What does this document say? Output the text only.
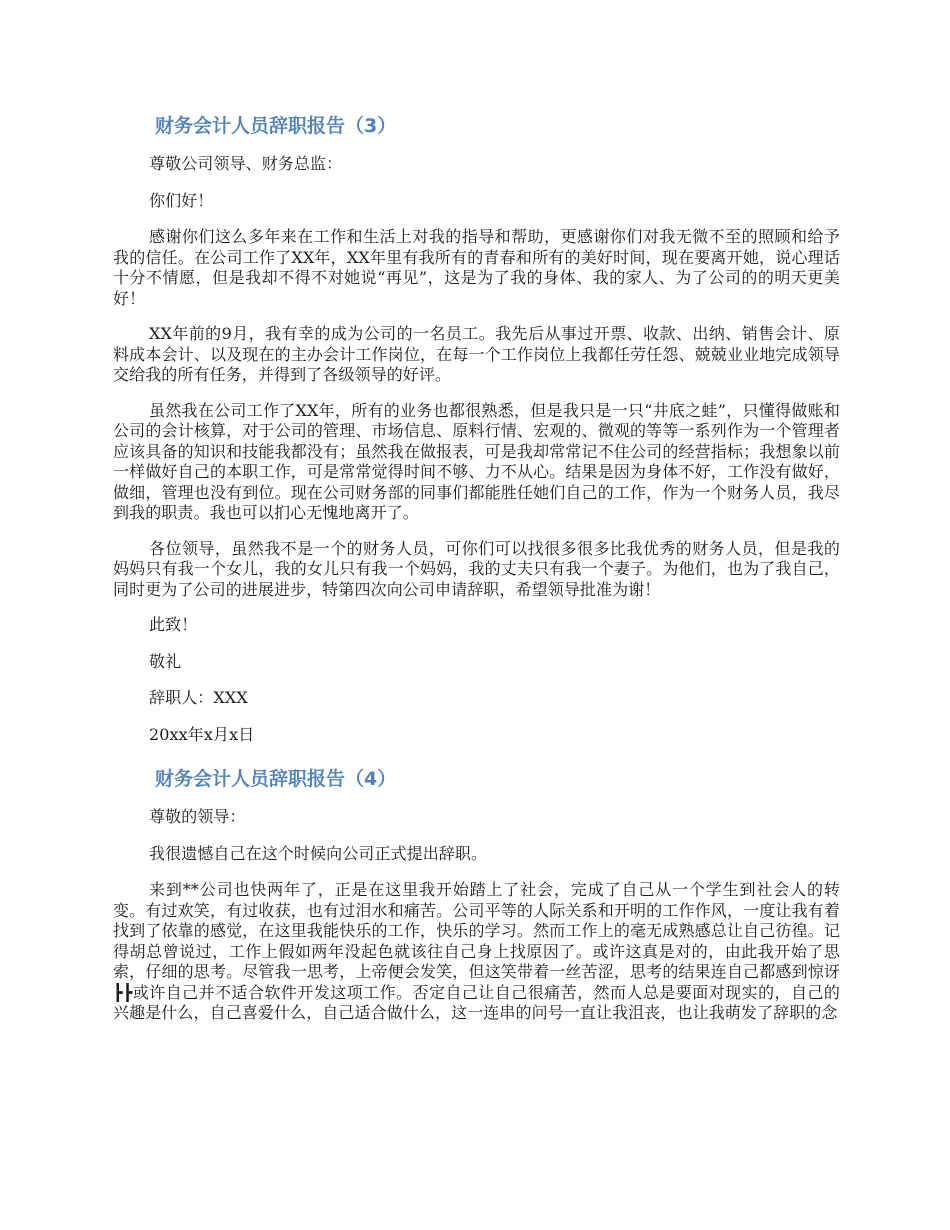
财务会计人员辞职报告（3）
尊敬公司领导、财务总监：
你们好！
感谢你们这么多年来在工作和生活上对我的指导和帮助，更感谢你们对我无微不至的照顾和给予我的信任。在公司工作了XX年，XX年里有我所有的青春和所有的美好时间，现在要离开她，说心理话十分不情愿，但是我却不得不对她说“再见”，这是为了我的身体、我的家人、为了公司的的明天更美好！
XX年前的9月，我有幸的成为公司的一名员工。我先后从事过开票、收款、出纳、销售会计、原料成本会计、以及现在的主办会计工作岗位，在每一个工作岗位上我都任劳任怨、兢兢业业地完成领导交给我的所有任务，并得到了各级领导的好评。
虽然我在公司工作了XX年，所有的业务也都很熟悉，但是我只是一只“井底之蛙”，只懂得做账和公司的会计核算，对于公司的管理、市场信息、原料行情、宏观的、微观的等等一系列作为一个管理者应该具备的知识和技能我都没有；虽然我在做报表，可是我却常常记不住公司的经营指标；我想象以前一样做好自己的本职工作，可是常常觉得时间不够、力不从心。结果是因为身体不好，工作没有做好，做细，管理也没有到位。现在公司财务部的同事们都能胜任她们自己的工作，作为一个财务人员，我尽到我的职责。我也可以扪心无愧地离开了。
各位领导，虽然我不是一个的财务人员，可你们可以找很多很多比我优秀的财务人员，但是我的妈妈只有我一个女儿，我的女儿只有我一个妈妈，我的丈夫只有我一个妻子。为他们，也为了我自己，同时更为了公司的进展进步，特第四次向公司申请辞职，希望领导批准为谢！
此致！
敬礼
辞职人：XXX
20xx年x月x日
财务会计人员辞职报告（4）
尊敬的领导：
我很遗憾自己在这个时候向公司正式提出辞职。
来到**公司也快两年了，正是在这里我开始踏上了社会，完成了自己从一个学生到社会人的转变。有过欢笑，有过收获，也有过泪水和痛苦。公司平等的人际关系和开明的工作作风，一度让我有着找到了依靠的感觉，在这里我能快乐的工作，快乐的学习。然而工作上的毫无成熟感总让自己彷徨。记得胡总曾说过，工作上假如两年没起色就该往自己身上找原因了。或许这真是对的，由此我开始了思索，仔细的思考。尽管我一思考，上帝便会发笑，但这笑带着一丝苦涩，思考的结果连自己都感到惊讶┣┣或许自己并不适合软件开发这项工作。否定自己让自己很痛苦，然而人总是要面对现实的，自己的兴趣是什么，自己喜爱什么，自己适合做什么，这一连串的问号一直让我沮丧，也让我萌发了辞职的念
